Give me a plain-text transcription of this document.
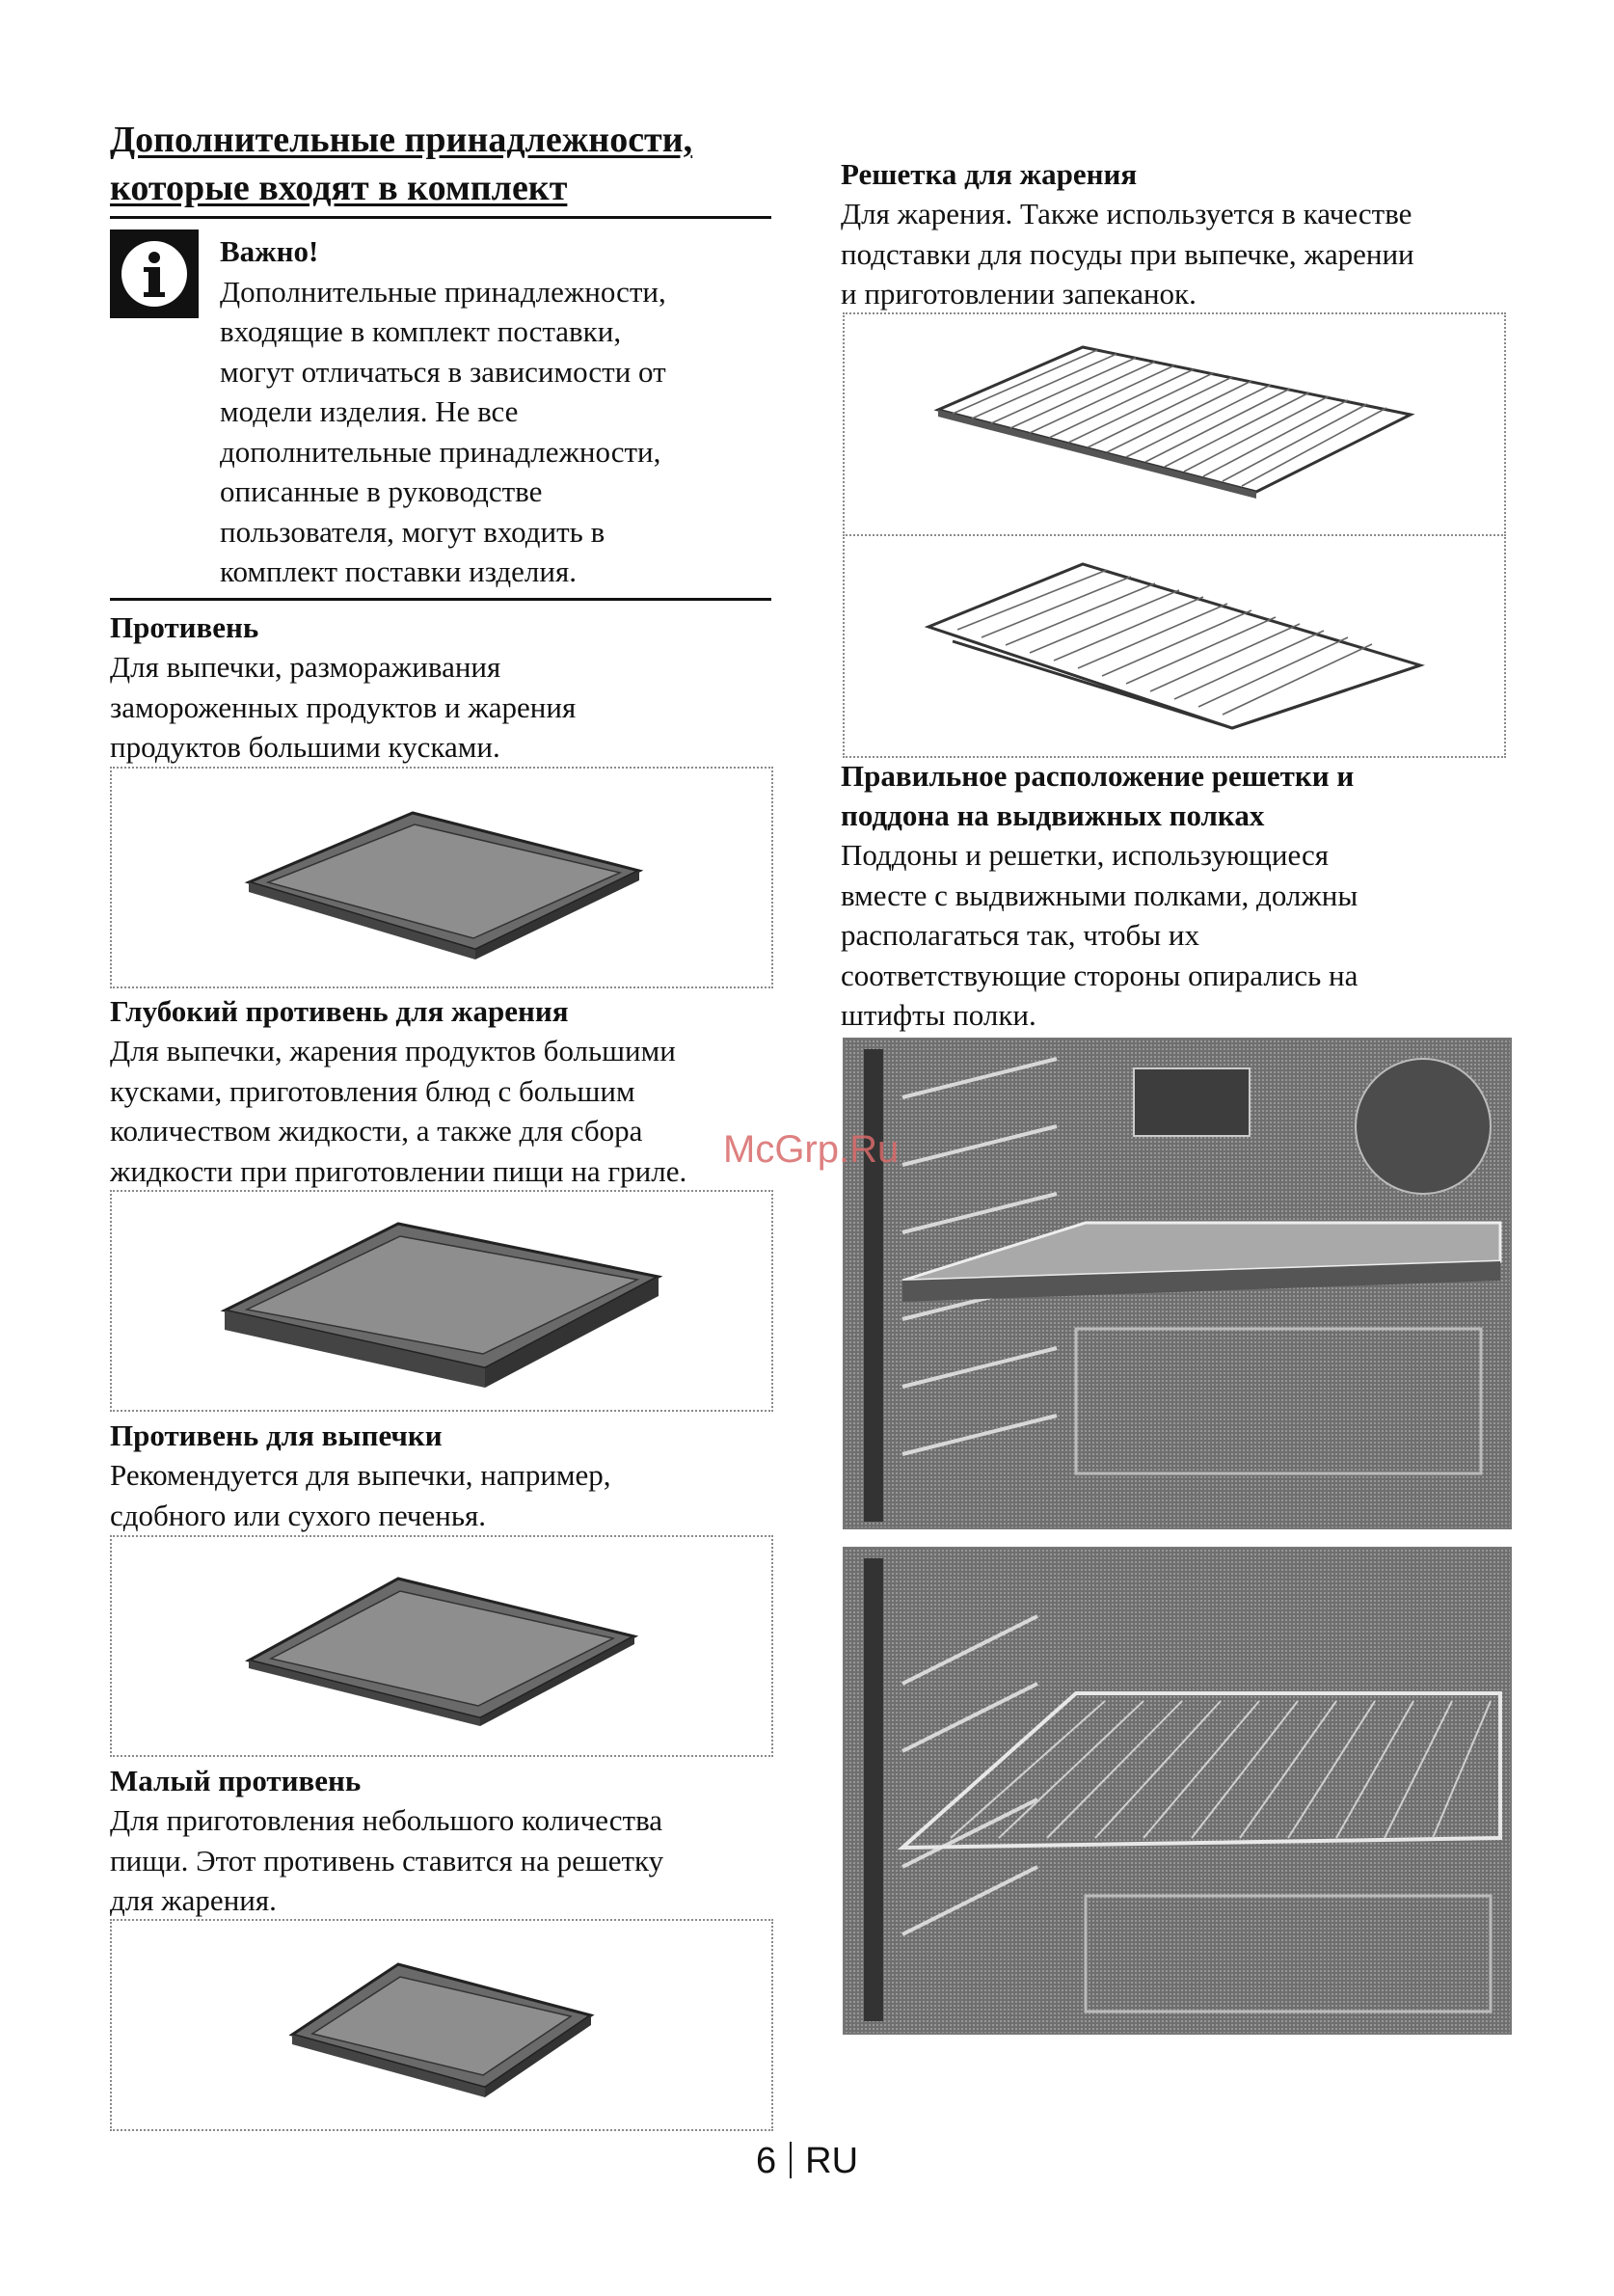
Дополнительные принадлежности, которые входят в комплект
Важно!
Дополнительные принадлежности,
входящие в комплект поставки,
могут отличаться в зависимости от
модели изделия. Не все
дополнительные принадлежности,
описанные в руководстве
пользователя, могут входить в
комплект поставки изделия.
Противень
Для выпечки, размораживания
замороженных продуктов и жарения
продуктов большими кусками.
Глубокий противень для жарения
Для выпечки, жарения продуктов большими
кусками, приготовления блюд с большим
количеством жидкости, а также для сбора
жидкости при приготовлении пищи на гриле.
Противень для выпечки
Рекомендуется для выпечки, например,
сдобного или сухого печенья.
Малый противень
Для приготовления небольшого количества
пищи. Этот противень ставится на решетку
для жарения.
Решетка для жарения
Для жарения. Также используется в качестве
подставки для посуды при выпечке, жарении
и приготовлении запеканок.
Правильное расположение решетки и
поддона на выдвижных полках
Поддоны и решетки, использующиеся
вместе с выдвижными полками, должны
располагаться так, чтобы их
соответствующие стороны опирались на
штифты полки.
McGrp.Ru
6 RU
